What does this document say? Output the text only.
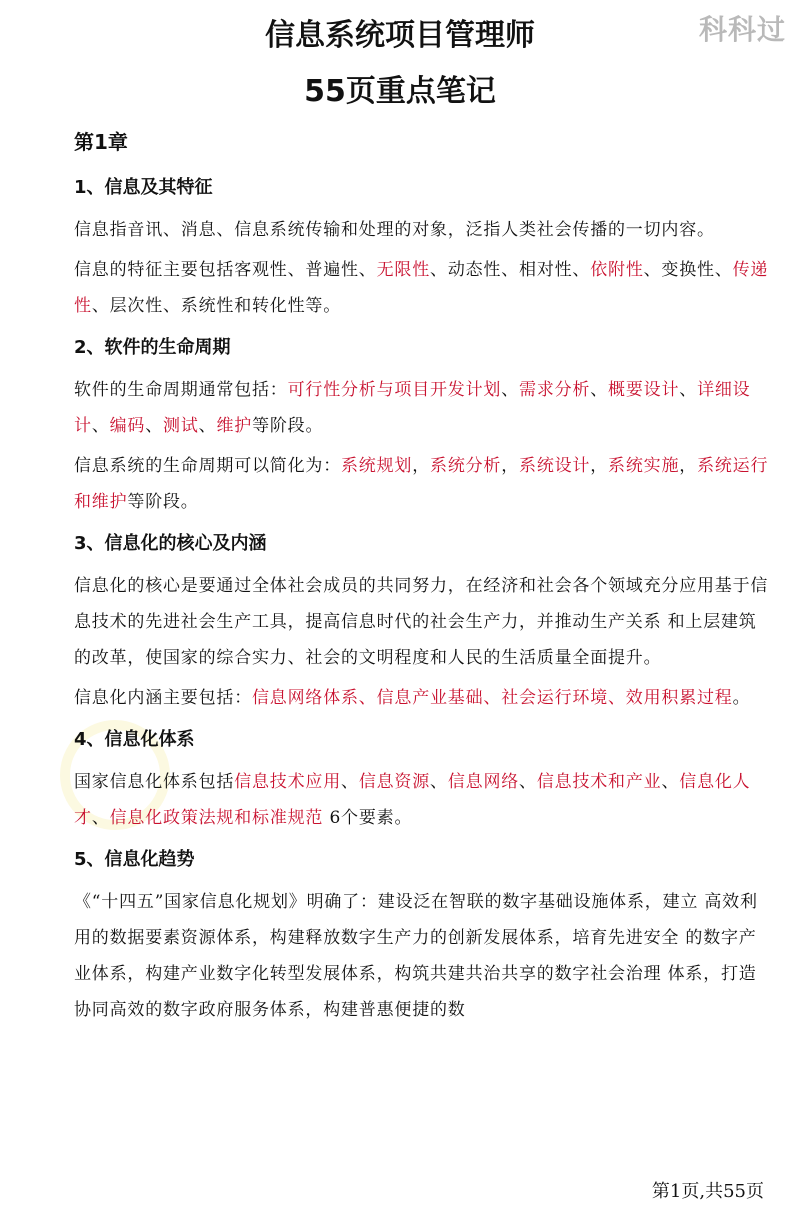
科科过
信息系统项目管理师
55页重点笔记
第1章
1、信息及其特征
信息指音讯、消息、信息系统传输和处理的对象，泛指人类社会传播的一切内容。
信息的特征主要包括客观性、普遍性、无限性、动态性、相对性、依附性、变换性、传递性、层次性、系统性和转化性等。
2、软件的生命周期
软件的生命周期通常包括：可行性分析与项目开发计划、需求分析、概要设计、详细设计、编码、测试、维护等阶段。
信息系统的生命周期可以简化为：系统规划，系统分析，系统设计，系统实施，系统运行和维护等阶段。
3、信息化的核心及内涵
信息化的核心是要通过全体社会成员的共同努力，在经济和社会各个领域充分应用基于信息技术的先进社会生产工具，提高信息时代的社会生产力，并推动生产关系 和上层建筑的改革，使国家的综合实力、社会的文明程度和人民的生活质量全面提升。
信息化内涵主要包括：信息网络体系、信息产业基础、社会运行环境、效用积累过程。
4、信息化体系
国家信息化体系包括信息技术应用、信息资源、信息网络、信息技术和产业、信息化人才、信息化政策法规和标准规范 6个要素。
5、信息化趋势
《“十四五”国家信息化规划》明确了：建设泛在智联的数字基础设施体系，建立 高效利用的数据要素资源体系，构建释放数字生产力的创新发展体系，培育先进安全 的数字产业体系，构建产业数字化转型发展体系，构筑共建共治共享的数字社会治理 体系，打造协同高效的数字政府服务体系，构建普惠便捷的数
第1页,共55页
